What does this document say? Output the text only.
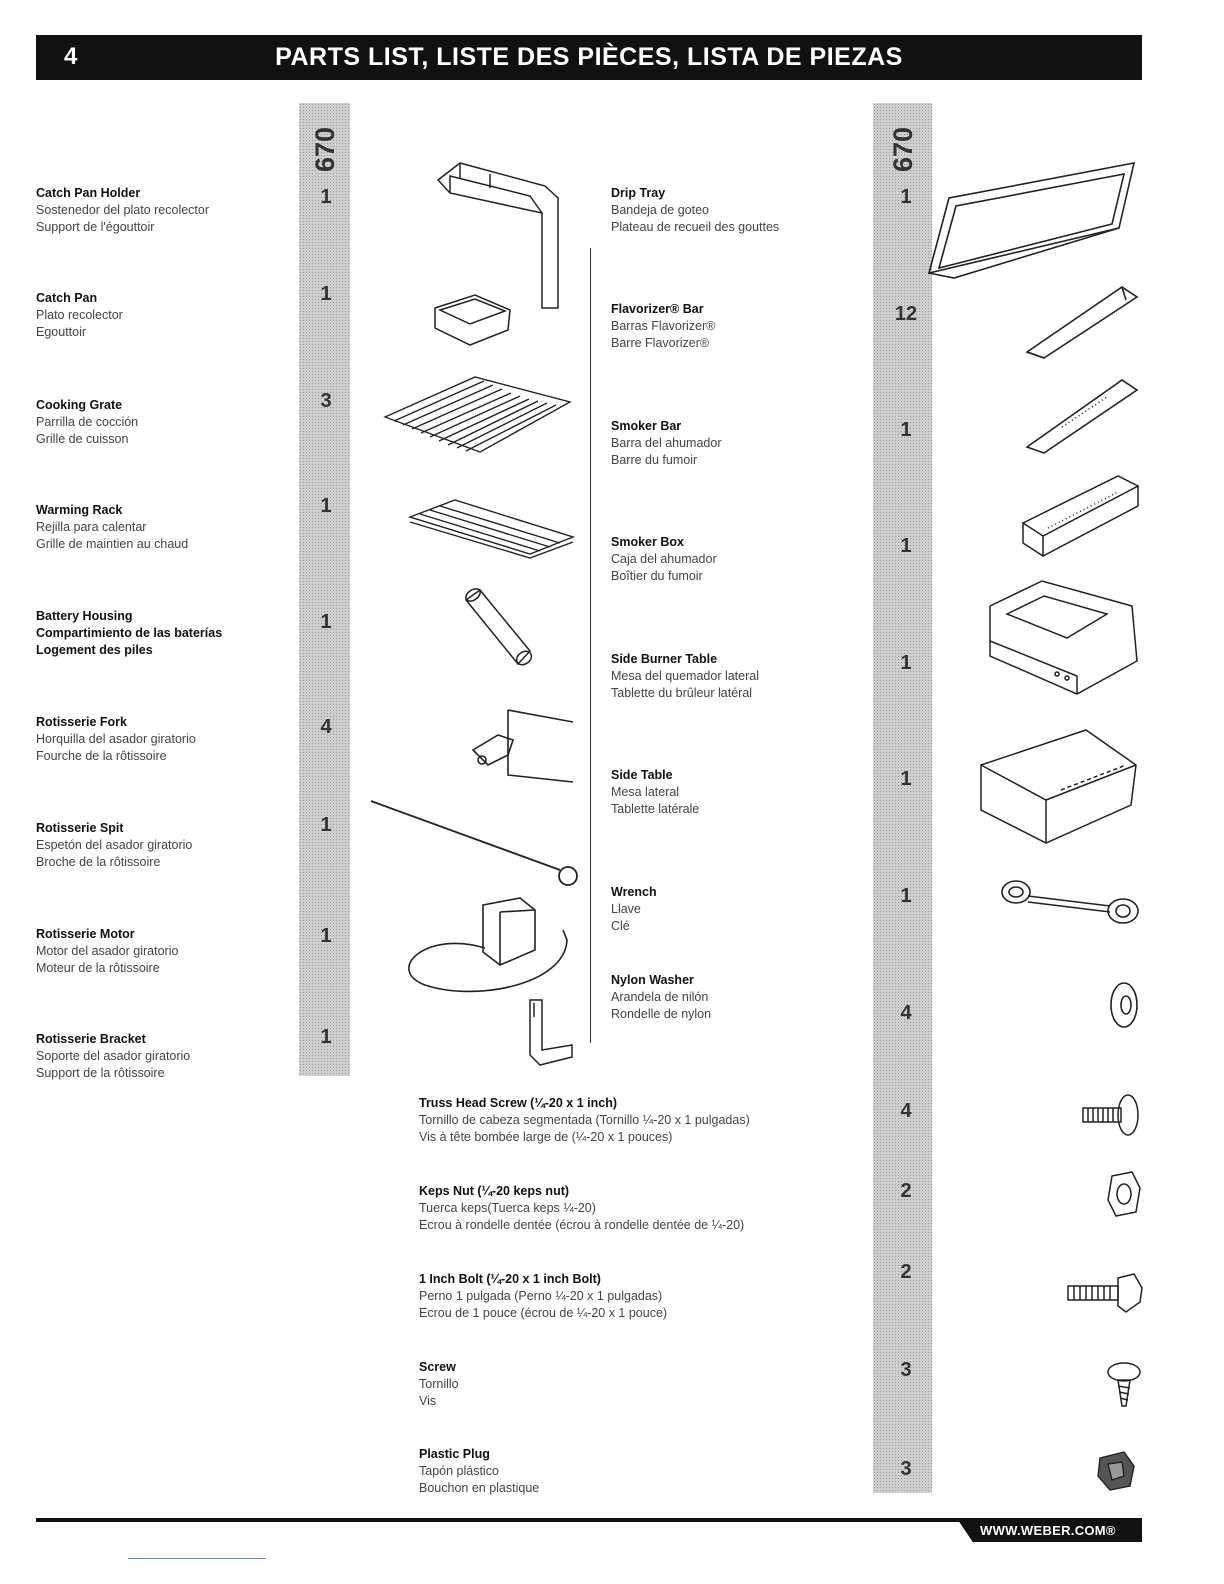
4	PARTS LIST, LISTE DES PIÈCES, LISTA DE PIEZAS
670	670
Catch Pan Holder
Sostenedor del plato recolector
Support de l'égouttoir
1
Catch Pan
Plato recolector
Egouttoir
1
Cooking Grate
Parrilla de cocción
Grille de cuisson
3
Warming Rack
Rejilla para calentar
Grille de maintien au chaud
1
Battery Housing
Compartimiento de las baterías
Logement des piles
1
Rotisserie Fork
Horquilla del asador giratorio
Fourche de la rôtissoire
4
Rotisserie Spit
Espetón del asador giratorio
Broche de la rôtissoire
1
Rotisserie Motor
Motor del asador giratorio
Moteur de la rôtissoire
1
Rotisserie Bracket
Soporte del asador giratorio
Support de la rôtissoire
1
Drip Tray
Bandeja de goteo
Plateau de recueil des gouttes
1
Flavorizer® Bar
Barras Flavorizer®
Barre Flavorizer®
12
Smoker Bar
Barra del ahumador
Barre du fumoir
1
Smoker Box
Caja del ahumador
Boîtier du fumoir
1
Side Burner Table
Mesa del quemador lateral
Tablette du brûleur latéral
1
Side Table
Mesa lateral
Tablette latérale
1
Wrench
Llave
Clé
1
Nylon Washer
Arandela de nilón
Rondelle de nylon	4
Truss Head Screw (¼-20 x 1 inch)
Tornillo de cabeza segmentada (Tornillo ¼-20 x 1 pulgadas)
Vis à tête bombée large de (¼-20 x 1 pouces)
4
Keps Nut (¼-20 keps nut)
Tuerca keps(Tuerca keps ¼-20)
Ecrou à rondelle dentée (écrou à rondelle dentée de ¼-20)
2
1 Inch Bolt (¼-20 x 1 inch Bolt)
Perno 1 pulgada (Perno ¼-20 x 1 pulgadas)
Ecrou de 1 pouce (écrou de ¼-20 x 1 pouce)
2
Screw
Tornillo
Vis
3
Plastic Plug
Tapón plástico
Bouchon en plastique
3
WWW.WEBER.COM®
